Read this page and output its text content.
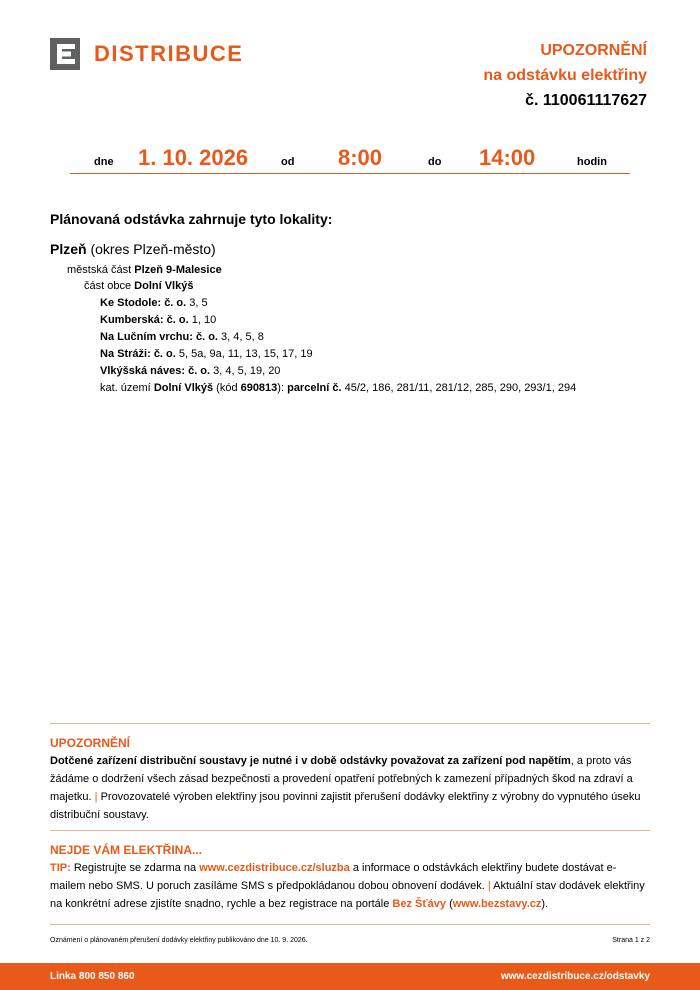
DISTRIBUCE	UPOZORNĚNÍ
na odstávku elektřiny
č. 110061117627
dne 1. 10. 2026	od 8:00	do 14:00	hodin
Plánovaná odstávka zahrnuje tyto lokality:
Plzeň (okres Plzeň-město)
městská část Plzeň 9-Malesice
část obce Dolní Vlkýš
Ke Stodole: č. o. 3, 5
Kumberská: č. o. 1, 10
Na Lučním vrchu: č. o. 3, 4, 5, 8
Na Stráži: č. o. 5, 5a, 9a, 11, 13, 15, 17, 19
Vlkýšská náves: č. o. 3, 4, 5, 19, 20
kat. území Dolní Vlkýš (kód 690813): parcelní č. 45/2, 186, 281/11, 281/12, 285, 290, 293/1, 294
UPOZORNĚNÍ
Dotčené zařízení distribuční soustavy je nutné i v době odstávky považovat za zařízení pod napětím, a proto vás žádáme o dodržení všech zásad bezpečnosti a provedení opatření potřebných k zamezení případných škod na zdraví a majetku. | Provozovatelé výroben elektřiny jsou povinni zajistit přerušení dodávky elektřiny z výrobny do vypnutého úseku distribuční soustavy.
NEJDE VÁM ELEKTŘINA...
TIP: Registrujte se zdarma na www.cezdistribuce.cz/sluzba a informace o odstávkách elektřiny budete dostávat e-mailem nebo SMS. U poruch zasíláme SMS s předpokládanou dobou obnovení dodávek. | Aktuální stav dodávek elektřiny na konkrétní adrese zjistíte snadno, rychle a bez registrace na portále Bez Šťávy (www.bezstavy.cz).
Oznámení o plánovaném přerušení dodávky elektřiny publikováno dne 10. 9. 2026.	Strana 1 z 2
Linka 800 850 860	www.cezdistribuce.cz/odstavky
